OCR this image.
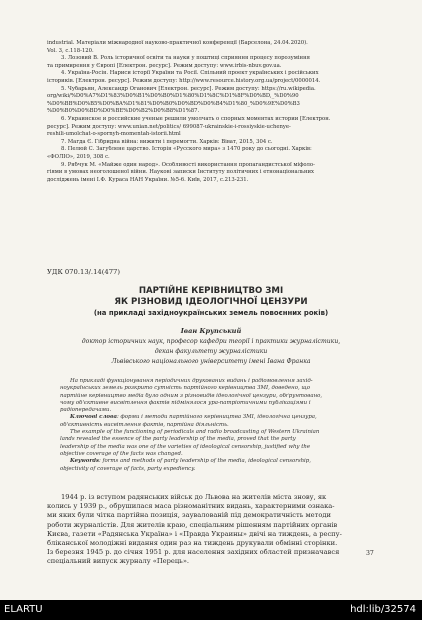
industrial. Матеріали міжнародної науково-практичної конференції (Барселона, 24.04.2020).
Vol. 3, c.118-120.
3. Лозовий В. Роль історичної освіти та науки у поштиці сприяння процесу порозуміння
та примирення у Європі [Електрон. ресурс]. Режим доступу: www.irbis-nbuv.gov.ua.
4. Україна-Росія. Нариси історії України та Росії. Спільний проект українських і російських
істориків. [Електрон. ресурс]. Режим доступу: http://www.resource.history.org.ua/project/0000014.
5. Чубарьян, Александр Оганович [Електрон. ресурс]. Режим доступу: https://ru.wikipedia.
org/wiki/%D0%A7%D1%83%D0%B1%D0%B0%D1%80%D1%8C%D1%8F%D0%BD,_%D0%90
%D0%BB%D0%B5%D0%BA%D1%81%D0%B0%D0%BD%D0%B4%D1%80_%D0%9E%D0%B3
%D0%B0%D0%BD%D0%BE%D0%B2%D0%B8%D1%87.
6. Украинское и российские ученые решили умолчать о спорных моментах истории [Електрон.
ресурс]. Режим доступу: www.unian.net/politics/ 699087-ukrainskie-i-rossiyskie-uchenye-
reshili-umolchat-o-spornyh-momentah-istorii.html
7. Магда Є. Гібридна війна: вижити і перемогти. Харків: Віват, 2015, 304 с.
8. Пелюй С. Загублене царство. Історія «Русского мира» з 1470 року до сьогодні. Харків:
«ФОЛІО», 2019, 308 с.
9. Рябчук М. «Майже один народ». Особливості використання пропагандистської міфоло-
гіями в умовах неоголошеної війни. Наукові записки Інституту політичних і етнонаціональних
досліджень імені І.Ф. Кураса НАН України. №5-6. Київ, 2017, с.213-231.
УДК 070.13/.14(477)
ПАРТІЙНЕ КЕРІВНИЦТВО ЗМІ
ЯК РІЗНОВИД ІДЕОЛОГІЧНОЇ ЦЕНЗУРИ
(на прикладі західноукраїнських земель повоєнних років)
Іван Крупський
доктор історичних наук, професор кафедри теорії і практики журналістики,
декан факультету журналістики
Львівського національного університету імені Івана Франка
На прикладі функціонування періодичних друкованих видань і радіомовлення захід-
ноукраїнських земель розкрито сутність партійного керівництва ЗМІ, доведено, що
партійне керівництво медіа було одним з різновидів ідеологічної цензури, обґрунтовано,
чому об'єктивне висвітлення фактів підмінялося ура-патріотичними публікаціями і
радіопередачами.
Ключові слова: форми і методи партійного керівництва ЗМІ, ідеологічна цензура,
об'єктивність висвітлення фактів, партійна діяльність.
The example of the functioning of periodicals and radio broadcasting of Western Ukrainian
lands revealed the essence of the party leadership of the media, proved that the party
leadership of the media was one of the varieties of ideological censorship, justified why the
objective coverage of the facts was changed.
Keywords: forms and methods of party leadership of the media, ideological censorship,
objectivity of coverage of facts, party expediency.
1944 р. із вступом радянських військ до Львова на жителів міста знову, як
колись у 1939 р., обрушилася маса різноманітних видань, характерними ознака-
ми яких були чітка партійна позиція, заувалованій під демократичність методи
роботи журналістів. Для жителів краю, спеціальним рішенням партійних органів
Києва, газети «Радянська Україна» і «Правда Украины» двічі на тиждень, а респу-
бліканської молодіжні видання один раз на тиждень друкували обмінні сторінки.
Із березня 1945 р. до січня 1951 р. для населення західних областей призначався
спеціальний випуск журналу «Перець».
37
ELARTU	hdl:lib/32574
